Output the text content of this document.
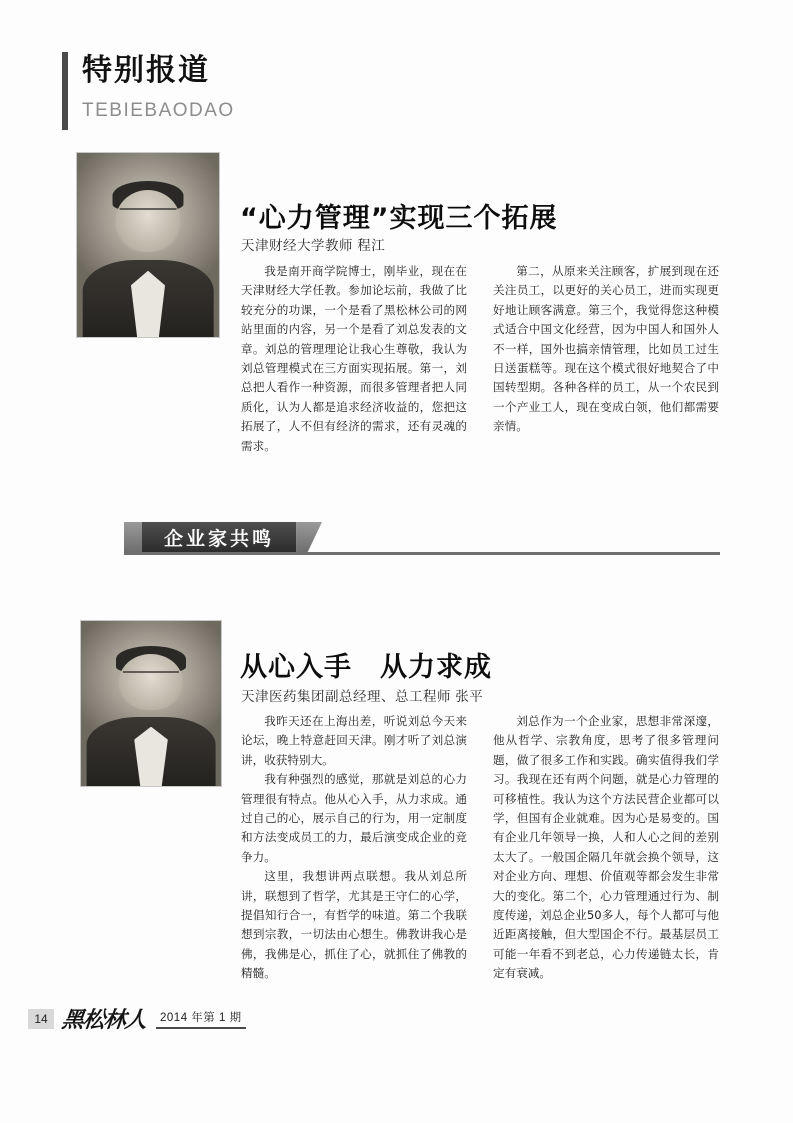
特别报道
TEBIEBAODAO
“心力管理”实现三个拓展
天津财经大学教师 程江

我是南开商学院博士，刚毕业，现在在天津财经大学任教。参加论坛前，我做了比较充分的功课，一个是看了黑松林公司的网站里面的内容，另一个是看了刘总发表的文章。刘总的管理理论让我心生尊敬，我认为刘总管理模式在三方面实现拓展。第一，刘总把人看作一种资源，而很多管理者把人同质化，认为人都是追求经济收益的，您把这拓展了，人不但有经济的需求，还有灵魂的需求。

第二，从原来关注顾客，扩展到现在还关注员工，以更好的关心员工，进而实现更好地让顾客满意。第三个，我觉得您这种模式适合中国文化经营，因为中国人和国外人不一样，国外也搞亲情管理，比如员工过生日送蛋糕等。现在这个模式很好地契合了中国转型期。各种各样的员工，从一个农民到一个产业工人，现在变成白领，他们都需要亲情。

企业家共鸣
从心入手　从力求成
天津医药集团副总经理、总工程师 张平

我昨天还在上海出差，听说刘总今天来论坛，晚上特意赶回天津。刚才听了刘总演讲，收获特别大。

我有种强烈的感觉，那就是刘总的心力管理很有特点。他从心入手，从力求成。通过自己的心，展示自己的行为，用一定制度和方法变成员工的力，最后演变成企业的竞争力。

这里，我想讲两点联想。我从刘总所讲，联想到了哲学，尤其是王守仁的心学，提倡知行合一，有哲学的味道。第二个我联想到宗教，一切法由心想生。佛教讲我心是佛，我佛是心，抓住了心，就抓住了佛教的精髓。

刘总作为一个企业家，思想非常深邃，他从哲学、宗教角度，思考了很多管理问题，做了很多工作和实践。确实值得我们学习。我现在还有两个问题，就是心力管理的可移植性。我认为这个方法民营企业都可以学，但国有企业就难。因为心是易变的。国有企业几年领导一换，人和人心之间的差别太大了。一般国企隔几年就会换个领导，这对企业方向、理想、价值观等都会发生非常大的变化。第二个，心力管理通过行为、制度传递，刘总企业50多人，每个人都可与他近距离接触，但大型国企不行。最基层员工可能一年看不到老总，心力传递链太长，肯定有衰减。

14 黑松林人	2014 年第 1 期
